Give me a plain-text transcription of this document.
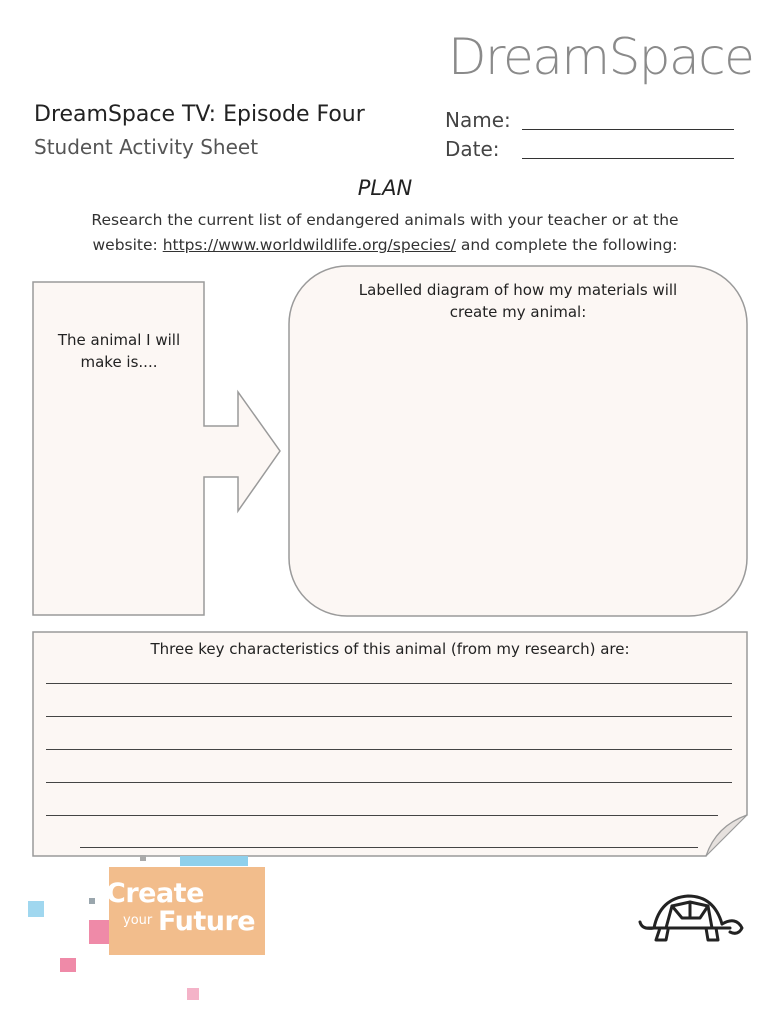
DreamSpace
DreamSpace TV: Episode Four
Student Activity Sheet
Name:
Date:
PLAN
Research the current list of endangered animals with your teacher or at the
website: https://www.worldwildlife.org/species/ and complete the following:
The animal I will
make is....
Labelled diagram of how my materials will
create my animal:
Three key characteristics of this animal (from my research) are:
Create
your Future
